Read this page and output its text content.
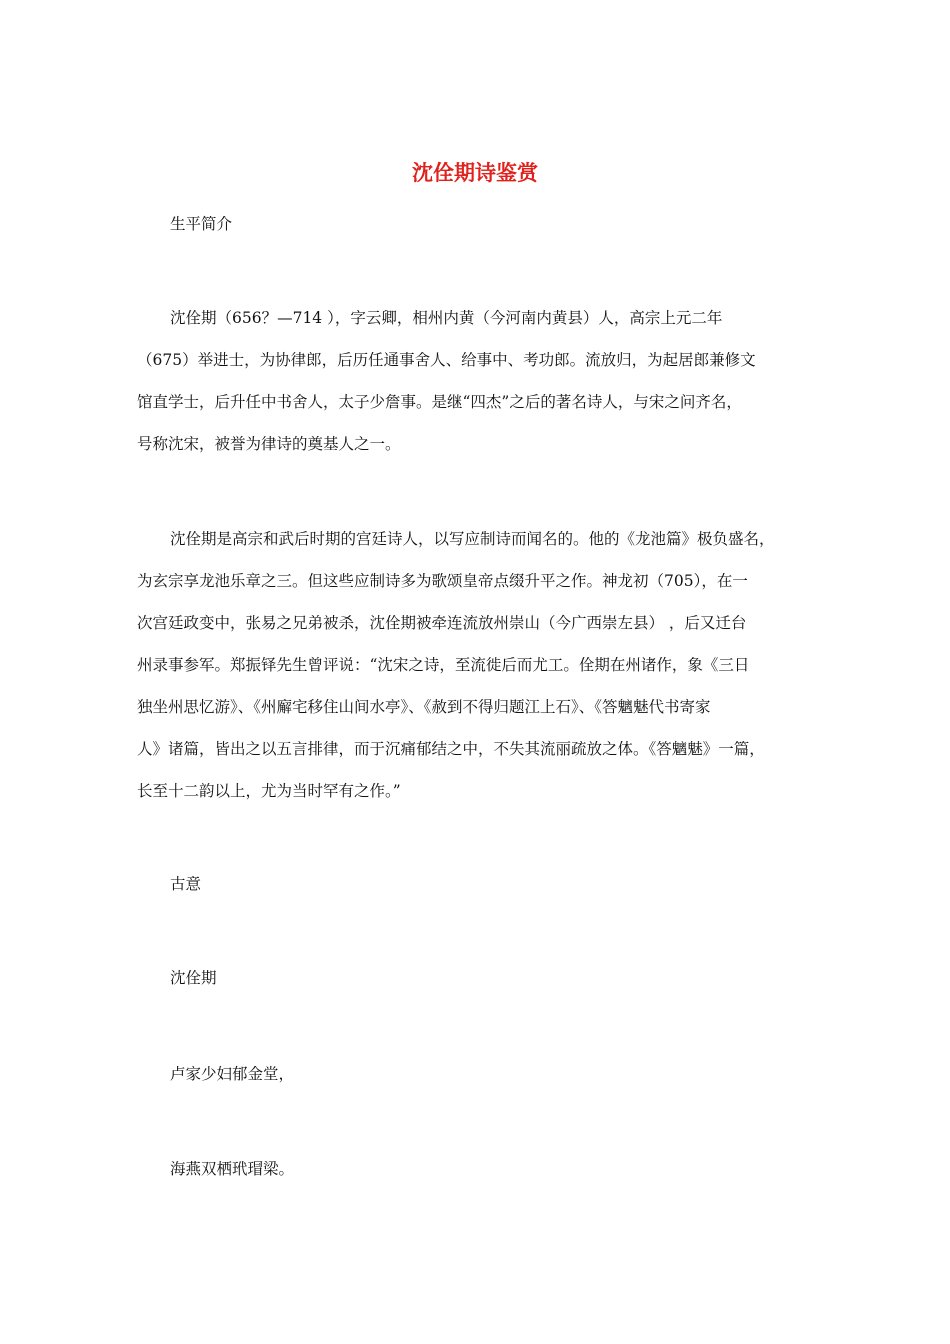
沈佺期诗鉴赏
生平简介
沈佺期（656？—714 ），字云卿，相州内黄（今河南内黄县）人，高宗上元二年
（675）举进士，为协律郎，后历任通事舍人、给事中、考功郎。流放归，为起居郎兼修文
馆直学士，后升任中书舍人，太子少詹事。是继“四杰”之后的著名诗人，与宋之问齐名，
号称沈宋，被誉为律诗的奠基人之一。
沈佺期是高宗和武后时期的宫廷诗人，以写应制诗而闻名的。他的《龙池篇》极负盛名，
为玄宗享龙池乐章之三。但这些应制诗多为歌颂皇帝点缀升平之作。神龙初（705），在一
次宫廷政变中，张易之兄弟被杀，沈佺期被牵连流放州崇山（今广西崇左县） ，后又迁台
州录事参军。郑振铎先生曾评说：“沈宋之诗，至流徙后而尤工。佺期在州诸作，象《三日
独坐州思忆游》、《州廨宅移住山间水亭》、《赦到不得归题江上石》、《答魑魅代书寄家
人》诸篇，皆出之以五言排律，而于沉痛郁结之中，不失其流丽疏放之体。《答魑魅》一篇，
长至十二韵以上，尤为当时罕有之作。”
古意
沈佺期
卢家少妇郁金堂，
海燕双栖玳瑁梁。
